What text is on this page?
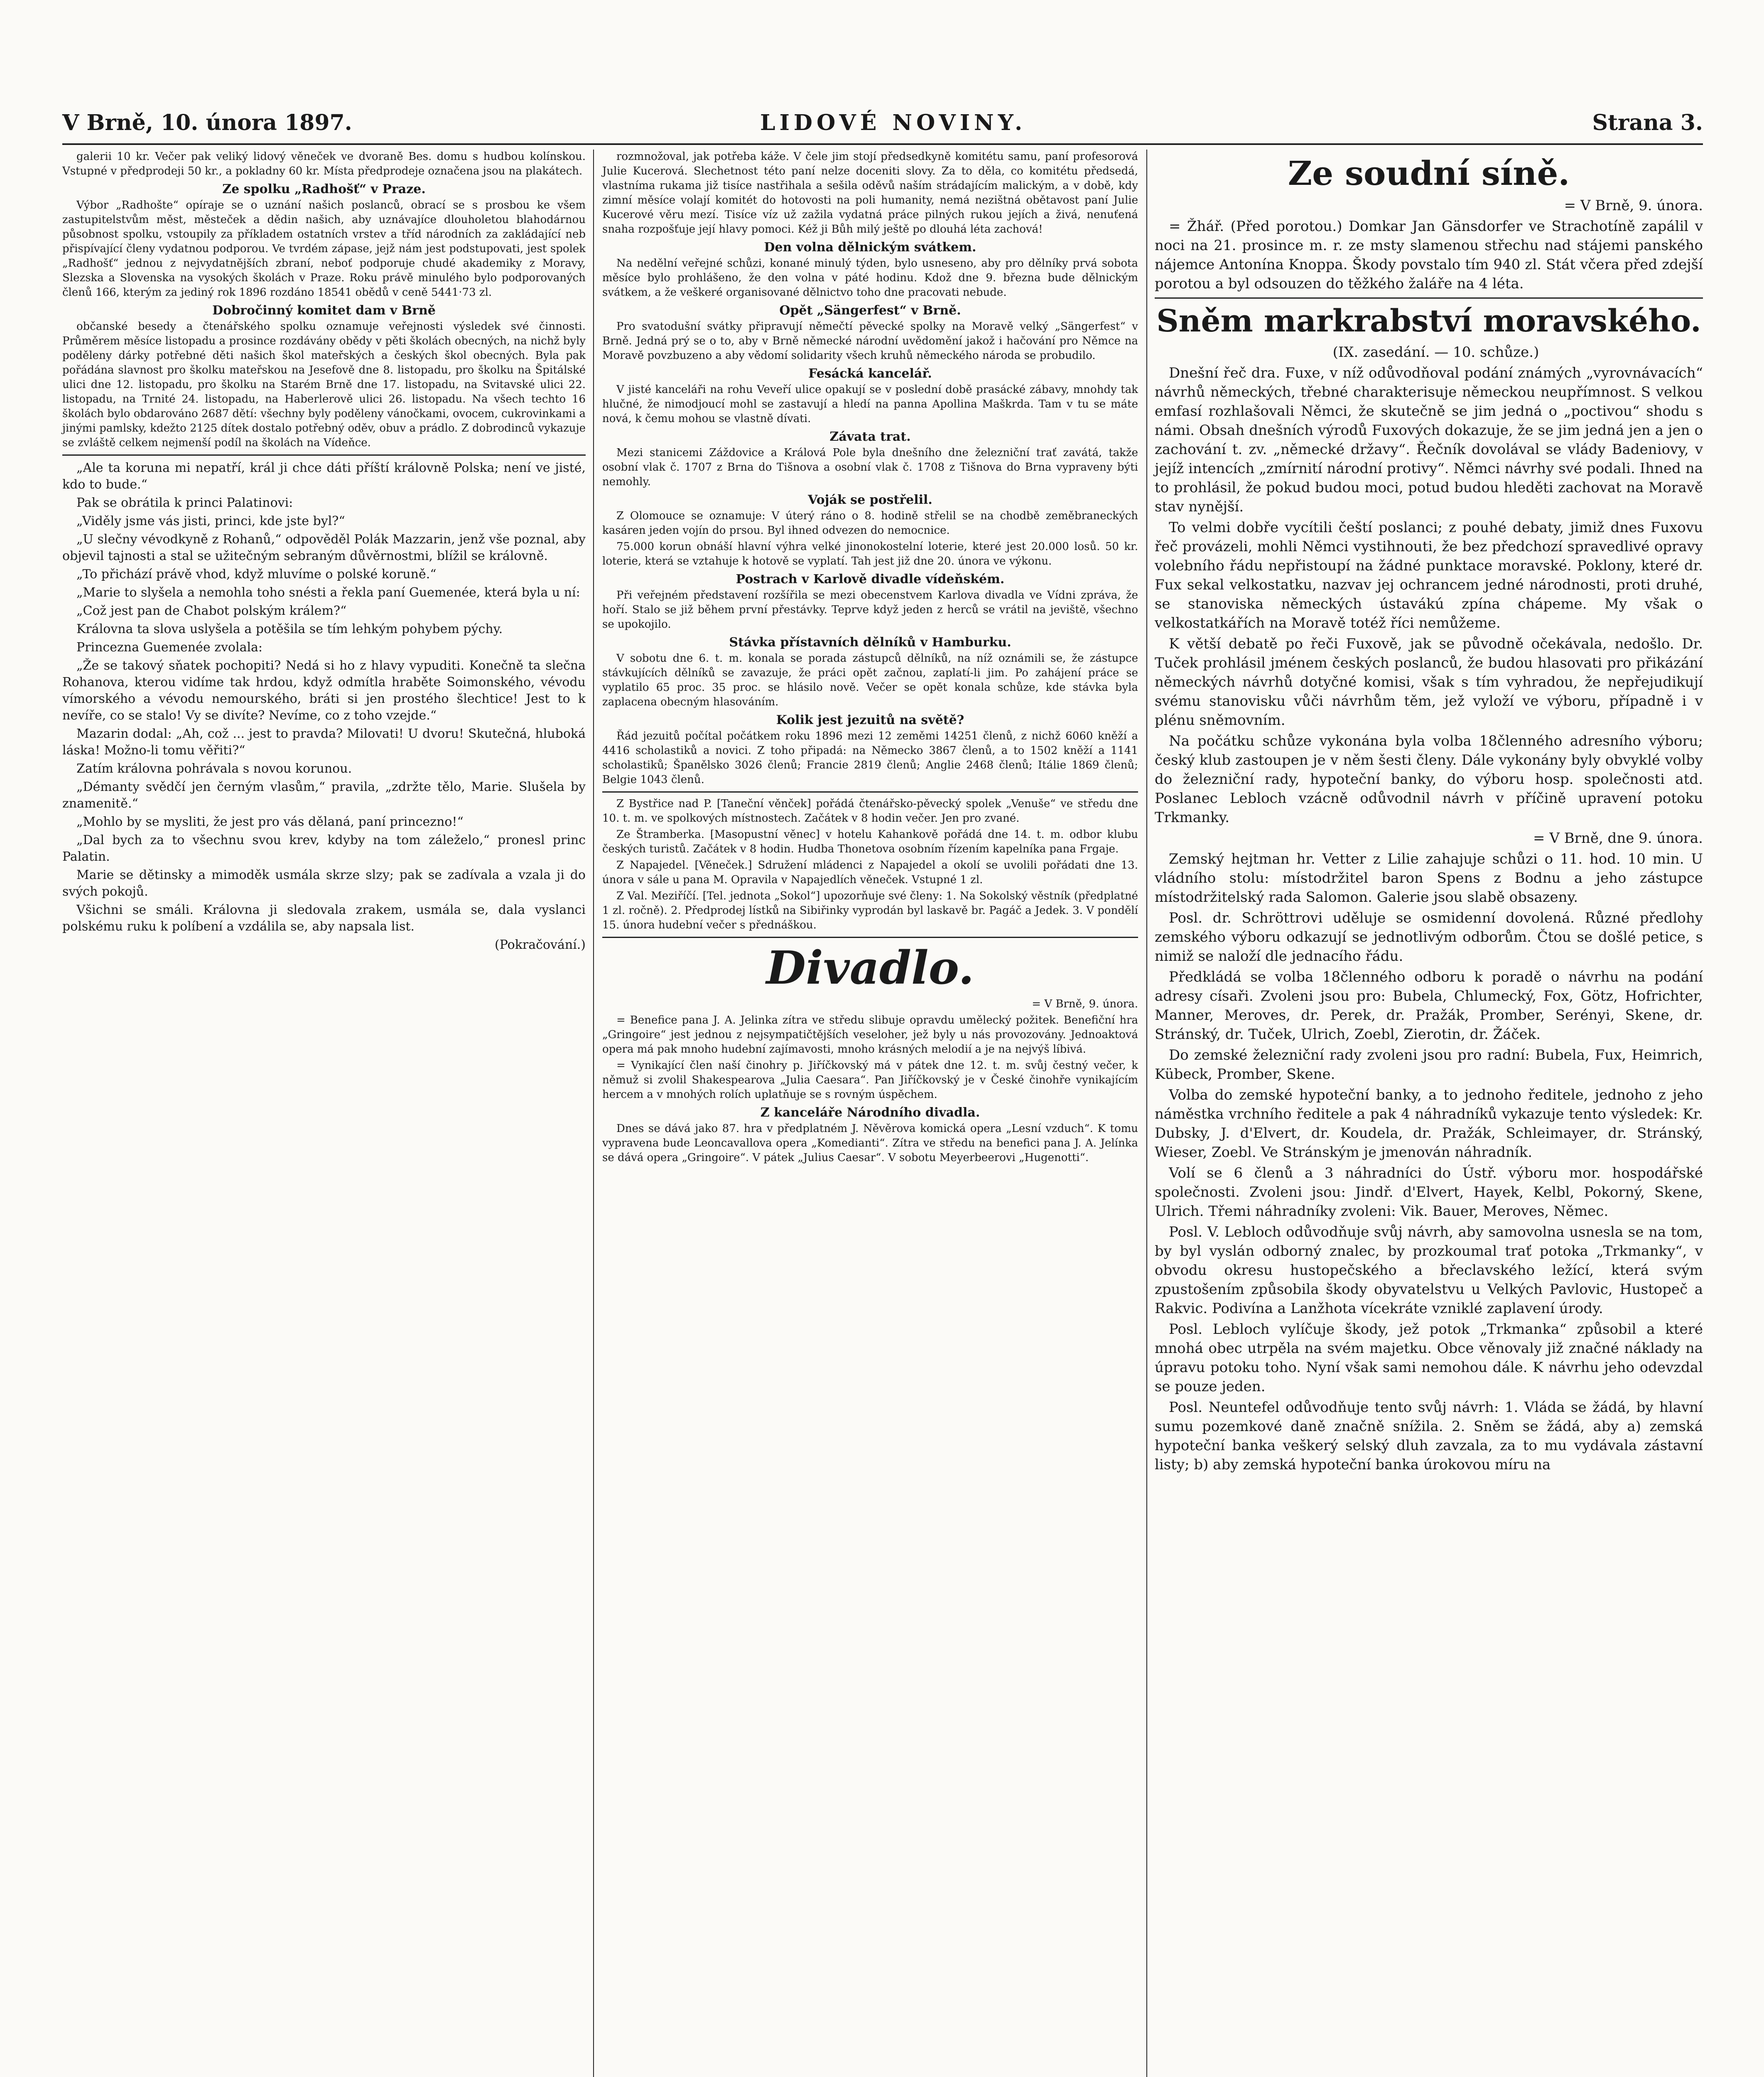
V Brně, 10. února 1897.	LIDOVÉ NOVINY.	Strana 3.

galerii 10 kr. Večer pak veliký lidový věneček ve dvoraně Bes. domu s hudbou kolínskou. Vstupné v předprodeji 50 kr., a pokladny 60 kr. Místa předprodeje označena jsou na plakátech.

Ze spolku „Radhošť“ v Praze.

Výbor „Radhošte“ opíraje se o uznání našich poslanců, obrací se s prosbou ke všem zastupitelstvům měst, městeček a dědin našich, aby uznávajíce dlouholetou blahodárnou působnost spolku, vstoupily za příkladem ostatních vrstev a tříd národních za zakládající neb přispívající členy vydatnou podporou. Ve tvrdém zápase, jejž nám jest podstupovati, jest spolek „Radhošť“ jednou z nejvydatnějších zbraní, neboť podporuje chudé akademiky z Moravy, Slezska a Slovenska na vysokých školách v Praze. Roku právě minulého bylo podporovaných členů 166, kterým za jediný rok 1896 rozdáno 18541 obědů v ceně 5441·73 zl.

Dobročinný komitet dam v Brně

občanské besedy a čtenářského spolku oznamuje veřejnosti výsledek své činnosti. Průměrem měsíce listopadu a prosince rozdávány obědy v pěti školách obecných, na nichž byly poděleny dárky potřebné děti našich škol mateřských a českých škol obecných. Byla pak pořádána slavnost pro školku mateřskou na Jesefově dne 8. listopadu, pro školku na Špitálské ulici dne 12. listopadu, pro školku na Starém Brně dne 17. listopadu, na Svitavské ulici 22. listopadu, na Trnité 24. listopadu, na Haberlerově ulici 26. listopadu. Na všech techto 16 školách bylo obdarováno 2687 dětí: všechny byly poděleny vánočkami, ovocem, cukrovinkami a jinými pamlsky, kdežto 2125 dítek dostalo potřebný oděv, obuv a prádlo. Z dobrodinců vykazuje se zvláště celkem nejmenší podíl na školách na Vídeňce.

„Ale ta koruna mi nepatří, král ji chce dáti příští královně Polska; není ve jisté, kdo to bude.“

Pak se obrátila k princi Palatinovi:

„Viděly jsme vás jisti, princi, kde jste byl?“

„U slečny vévodkyně z Rohanů,“ odpověděl Polák Mazzarin, jenž vše poznal, aby objevil tajnosti a stal se užitečným sebraným důvěrnostmi, blížil se královně.

„To přichází právě vhod, když mluvíme o polské koruně.“

„Marie to slyšela a nemohla toho snésti a řekla paní Guemenée, která byla u ní:

„Což jest pan de Chabot polským králem?“

Královna ta slova uslyšela a potěšila se tím lehkým pohybem pýchy.

Princezna Guemenée zvolala:

„Že se takový sňatek pochopiti? Nedá si ho z hlavy vypuditi. Konečně ta slečna Rohanova, kterou vidíme tak hrdou, když odmítla hraběte Soimonského, vévodu vímorského a vévodu nemourského, bráti si jen prostého šlechtice! Jest to k nevíře, co se stalo! Vy se divíte? Nevíme, co z toho vzejde.“

Mazarin dodal: „Ah, což ... jest to pravda? Milovati! U dvoru! Skutečná, hluboká láska! Možno-li tomu věřiti?“

Zatím královna pohrávala s novou korunou.

„Démanty svědčí jen černým vlasům,“ pravila, „zdržte tělo, Marie. Slušela by znamenitě.“

„Mohlo by se mysliti, že jest pro vás dělaná, paní princezno!“

„Dal bych za to všechnu svou krev, kdyby na tom záleželo,“ pronesl princ Palatin.

Marie se dětinsky a mimoděk usmála skrze slzy; pak se zadívala a vzala ji do svých pokojů.

Všichni se smáli. Královna ji sledovala zrakem, usmála se, dala vyslanci polskému ruku k políbení a vzdálila se, aby napsala list.

(Pokračování.)

rozmnožoval, jak potřeba káže. V čele jim stojí předsedkyně komitétu samu, paní profesorová Julie Kucerová. Slechetnost této paní nelze doceniti slovy. Za to děla, co komitétu předsedá, vlastníma rukama již tisíce nastřihala a sešila oděvů naším strádajícím malickým, a v době, kdy zimní měsíce volají komitét do hotovosti na poli humanity, nemá nezištná obětavost paní Julie Kucerové věru mezí. Tisíce víz už zažila vydatná práce pilných rukou jejích a živá, nenuťená snaha rozpošťuje její hlavy pomoci. Kéž ji Bůh milý ještě po dlouhá léta zachová!

Den volna dělnickým svátkem.

Na nedělní veřejné schůzi, konané minulý týden, bylo usneseno, aby pro dělníky prvá sobota měsíce bylo prohlášeno, že den volna v páté hodinu. Kdož dne 9. března bude dělnickým svátkem, a že veškeré organisované dělnictvo toho dne pracovati nebude.

Opět „Sängerfest“ v Brně.

Pro svatodušní svátky připravují němečtí pěvecké spolky na Moravě velký „Sängerfest“ v Brně. Jedná prý se o to, aby v Brně německé národní uvědomění jakož i hačování pro Němce na Moravě povzbuzeno a aby vědomí solidarity všech kruhů německého národa se probudilo.

Fesácká kancelář.

V jisté kanceláři na rohu Veveří ulice opakují se v poslední době prasácké zábavy, mnohdy tak hlučné, že nimodjoucí mohl se zastavují a hledí na panna Apollina Maškrda. Tam v tu se máte nová, k čemu mohou se vlastně dívati.

Závata trat.

Mezi stanicemi Záždovice a Králová Pole byla dnešního dne železniční trať zavátá, takže osobní vlak č. 1707 z Brna do Tišnova a osobní vlak č. 1708 z Tišnova do Brna vypraveny býti nemohly.

Voják se postřelil.

Z Olomouce se oznamuje: V úterý ráno o 8. hodině střelil se na chodbě zeměbraneckých kasáren jeden vojín do prsou. Byl ihned odvezen do nemocnice.

75.000 korun obnáší hlavní výhra velké jinonokostelní loterie, které jest 20.000 losů. 50 kr. loterie, která se vztahuje k hotově se vyplatí. Tah jest již dne 20. února ve výkonu.

Postrach v Karlově divadle vídeňském.

Při veřejném představení rozšířila se mezi obecenstvem Karlova divadla ve Vídni zpráva, že hoří. Stalo se již během první přestávky. Teprve když jeden z herců se vrátil na jeviště, všechno se upokojilo.

Stávka přístavních dělníků v Hamburku.

V sobotu dne 6. t. m. konala se porada zástupců dělníků, na níž oznámili se, že zástupce stávkujících dělníků se zavazuje, že práci opět začnou, zaplatí-li jim. Po zahájení práce se vyplatilo 65 proc. 35 proc. se hlásilo nově. Večer se opět konala schůze, kde stávka byla zaplacena obecným hlasováním.

Kolik jest jezuitů na světě?

Řád jezuitů počítal počátkem roku 1896 mezi 12 zeměmi 14251 členů, z nichž 6060 kněží a 4416 scholastiků a novici. Z toho připadá: na Německo 3867 členů, a to 1502 kněží a 1141 scholastiků; Španělsko 3026 členů; Francie 2819 členů; Anglie 2468 členů; Itálie 1869 členů; Belgie 1043 členů.

Z Bystřice nad P. [Taneční věnček] pořádá čtenářsko-pěvecký spolek „Venuše“ ve středu dne 10. t. m. ve spolkových místnostech. Začátek v 8 hodin večer. Jen pro zvané.

Ze Štramberka. [Masopustní věnec] v hotelu Kahankově pořádá dne 14. t. m. odbor klubu českých turistů. Začátek v 8 hodin. Hudba Thonetova osobním řízením kapelníka pana Frgaje.

Z Napajedel. [Věneček.] Sdružení mládenci z Napajedel a okolí se uvolili pořádati dne 13. února v sále u pana M. Opravila v Napajedlích věneček. Vstupné 1 zl.

Z Val. Meziříčí. [Tel. jednota „Sokol“] upozorňuje své členy: 1. Na Sokolský věstník (předplatné 1 zl. ročně). 2. Předprodej lístků na Sibiřinky vyprodán byl laskavě br. Pagáč a Jedek. 3. V pondělí 15. února hudební večer s přednáškou.

Divadlo.

= V Brně, 9. února.

= Benefice pana J. A. Jelinka zítra ve středu slibuje opravdu umělecký požitek. Benefiční hra „Gringoire“ jest jednou z nejsympatičtějších veseloher, jež byly u nás provozovány. Jednoaktová opera má pak mnoho hudební zajímavosti, mnoho krásných melodií a je na nejvýš líbivá.

= Vynikající člen naší činohry p. Jiříčkovský má v pátek dne 12. t. m. svůj čestný večer, k němuž si zvolil Shakespearova „Julia Caesara“. Pan Jiříčkovský je v České činohře vynikajícím hercem a v mnohých rolích uplatňuje se s rovným úspěchem.

Z kanceláře Národního divadla.

Dnes se dává jako 87. hra v předplatném J. Něvěrova komická opera „Lesní vzduch“. K tomu vypravena bude Leoncavallova opera „Komedianti“. Zítra ve středu na benefici pana J. A. Jelínka se dává opera „Gringoire“. V pátek „Julius Caesar“. V sobotu Meyerbeerovi „Hugenotti“.

Ze soudní síně.

= V Brně, 9. února.

= Žhář. (Před porotou.) Domkar Jan Gänsdorfer ve Strachotíně zapálil v noci na 21. prosince m. r. ze msty slamenou střechu nad stájemi panského nájemce Antonína Knoppa. Škody povstalo tím 940 zl. Stát včera před zdejší porotou a byl odsouzen do těžkého žaláře na 4 léta.

Sněm markrabství moravského.

(IX. zasedání. — 10. schůze.)

Dnešní řeč dra. Fuxe, v níž odůvodňoval podání známých „vyrovnávacích“ návrhů německých, třebné charakterisuje německou neupřímnost. S velkou emfasí rozhlašovali Němci, že skutečně se jim jedná o „poctivou“ shodu s námi. Obsah dnešních výrodů Fuxových dokazuje, že se jim jedná jen a jen o zachování t. zv. „německé državy“. Řečník dovolával se vlády Badeniovy, v jejíž intencích „zmírnití národní protivy“. Němci návrhy své podali. Ihned na to prohlásil, že pokud budou moci, potud budou hleděti zachovat na Moravě stav nynější.

To velmi dobře vycítili čeští poslanci; z pouhé debaty, jimiž dnes Fuxovu řeč provázeli, mohli Němci vystihnouti, že bez předchozí spravedlivé opravy volebního řádu nepřistoupí na žádné punktace moravské. Poklony, které dr. Fux sekal velkostatku, nazvav jej ochrancem jedné národnosti, proti druhé, se stanoviska německých ústavákú zpína chápeme. My však o velkostatkářích na Moravě totéž říci nemůžeme.

K větší debatě po řeči Fuxově, jak se původně očekávala, nedošlo. Dr. Tuček prohlásil jménem českých poslanců, že budou hlasovati pro přikázání německých návrhů dotyčné komisi, však s tím vyhradou, že nepřejudikují svému stanovisku vůči návrhům těm, jež vyloží ve výboru, případně i v plénu sněmovním.

Na počátku schůze vykonána byla volba 18členného adresního výboru; český klub zastoupen je v něm šesti členy. Dále vykonány byly obvyklé volby do železniční rady, hypoteční banky, do výboru hosp. společnosti atd. Poslanec Lebloch vzácně odůvodnil návrh v příčině upravení potoku Trkmanky.

= V Brně, dne 9. února.

Zemský hejtman hr. Vetter z Lilie zahajuje schůzi o 11. hod. 10 min. U vládního stolu: místodržitel baron Spens z Bodnu a jeho zástupce místodržitelský rada Salomon. Galerie jsou slabě obsazeny.

Posl. dr. Schröttrovi uděluje se osmidenní dovolená. Různé předlohy zemského výboru odkazují se jednotlivým odborům. Čtou se došlé petice, s nimiž se naloží dle jednacího řádu.

Předkládá se volba 18členného odboru k poradě o návrhu na podání adresy císaři. Zvoleni jsou pro: Bubela, Chlumecký, Fox, Götz, Hofrichter, Manner, Meroves, dr. Perek, dr. Pražák, Promber, Serényi, Skene, dr. Stránský, dr. Tuček, Ulrich, Zoebl, Zierotin, dr. Žáček.

Do zemské železniční rady zvoleni jsou pro radní: Bubela, Fux, Heimrich, Kübeck, Promber, Skene.

Volba do zemské hypoteční banky, a to jednoho ředitele, jednoho z jeho náměstka vrchního ředitele a pak 4 náhradníků vykazuje tento výsledek: Kr. Dubsky, J. d'Elvert, dr. Koudela, dr. Pražák, Schleimayer, dr. Stránský, Wieser, Zoebl. Ve Stránským je jmenován náhradník.

Volí se 6 členů a 3 náhradníci do Ústř. výboru mor. hospodářské společnosti. Zvoleni jsou: Jindř. d'Elvert, Hayek, Kelbl, Pokorný, Skene, Ulrich. Třemi náhradníky zvoleni: Vik. Bauer, Meroves, Němec.

Posl. V. Lebloch odůvodňuje svůj návrh, aby samovolna usnesla se na tom, by byl vyslán odborný znalec, by prozkoumal trať potoka „Trkmanky“, v obvodu okresu hustopečského a břeclavského ležící, která svým zpustošením způsobila škody obyvatelstvu u Velkých Pavlovic, Hustopeč a Rakvic. Podivína a Lanžhota vícekráte vzniklé zaplavení úrody.

Posl. Lebloch vylíčuje škody, jež potok „Trkmanka“ způsobil a které mnohá obec utrpěla na svém majetku. Obce věnovaly již značné náklady na úpravu potoku toho. Nyní však sami nemohou dále. K návrhu jeho odevzdal se pouze jeden.

Posl. Neuntefel odůvodňuje tento svůj návrh: 1. Vláda se žádá, by hlavní sumu pozemkové daně značně snížila. 2. Sněm se žádá, aby a) zemská hypoteční banka veškerý selský dluh zavzala, za to mu vydávala zástavní listy; b) aby zemská hypoteční banka úrokovou míru na
